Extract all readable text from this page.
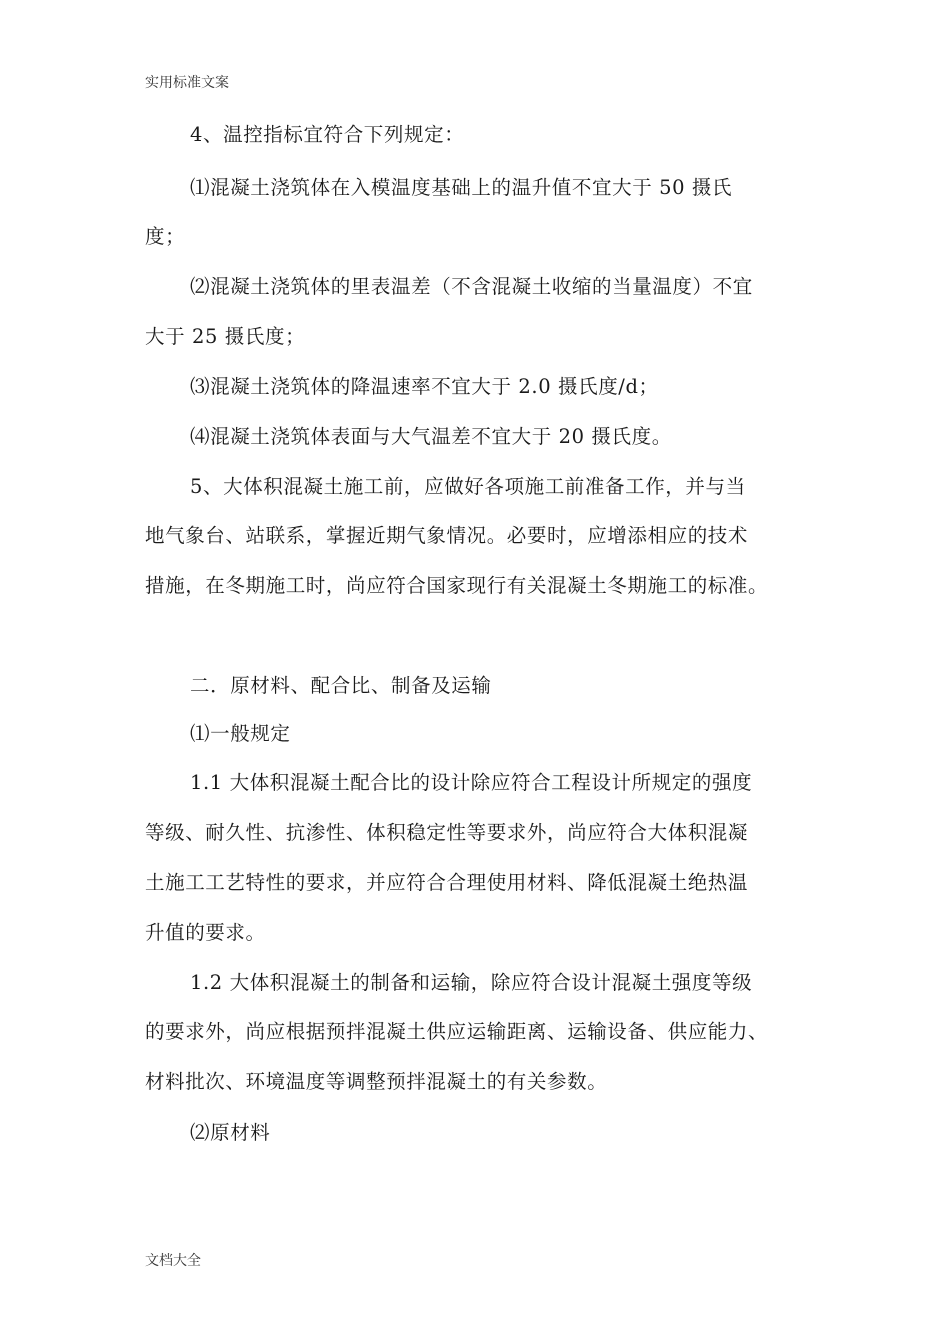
实用标准文案
4、温控指标宜符合下列规定：
⑴混凝土浇筑体在入模温度基础上的温升值不宜大于 50 摄氏
度；
⑵混凝土浇筑体的里表温差（不含混凝土收缩的当量温度）不宜
大于 25 摄氏度；
⑶混凝土浇筑体的降温速率不宜大于 2.0 摄氏度/d；
⑷混凝土浇筑体表面与大气温差不宜大于 20 摄氏度。
5、大体积混凝土施工前，应做好各项施工前准备工作，并与当
地气象台、站联系，掌握近期气象情况。必要时，应增添相应的技术
措施，在冬期施工时，尚应符合国家现行有关混凝土冬期施工的标准。
二．原材料、配合比、制备及运输
⑴一般规定
1.1 大体积混凝土配合比的设计除应符合工程设计所规定的强度
等级、耐久性、抗渗性、体积稳定性等要求外，尚应符合大体积混凝
土施工工艺特性的要求，并应符合合理使用材料、降低混凝土绝热温
升值的要求。
1.2 大体积混凝土的制备和运输，除应符合设计混凝土强度等级
的要求外，尚应根据预拌混凝土供应运输距离、运输设备、供应能力、
材料批次、环境温度等调整预拌混凝土的有关参数。
⑵原材料
文档大全
